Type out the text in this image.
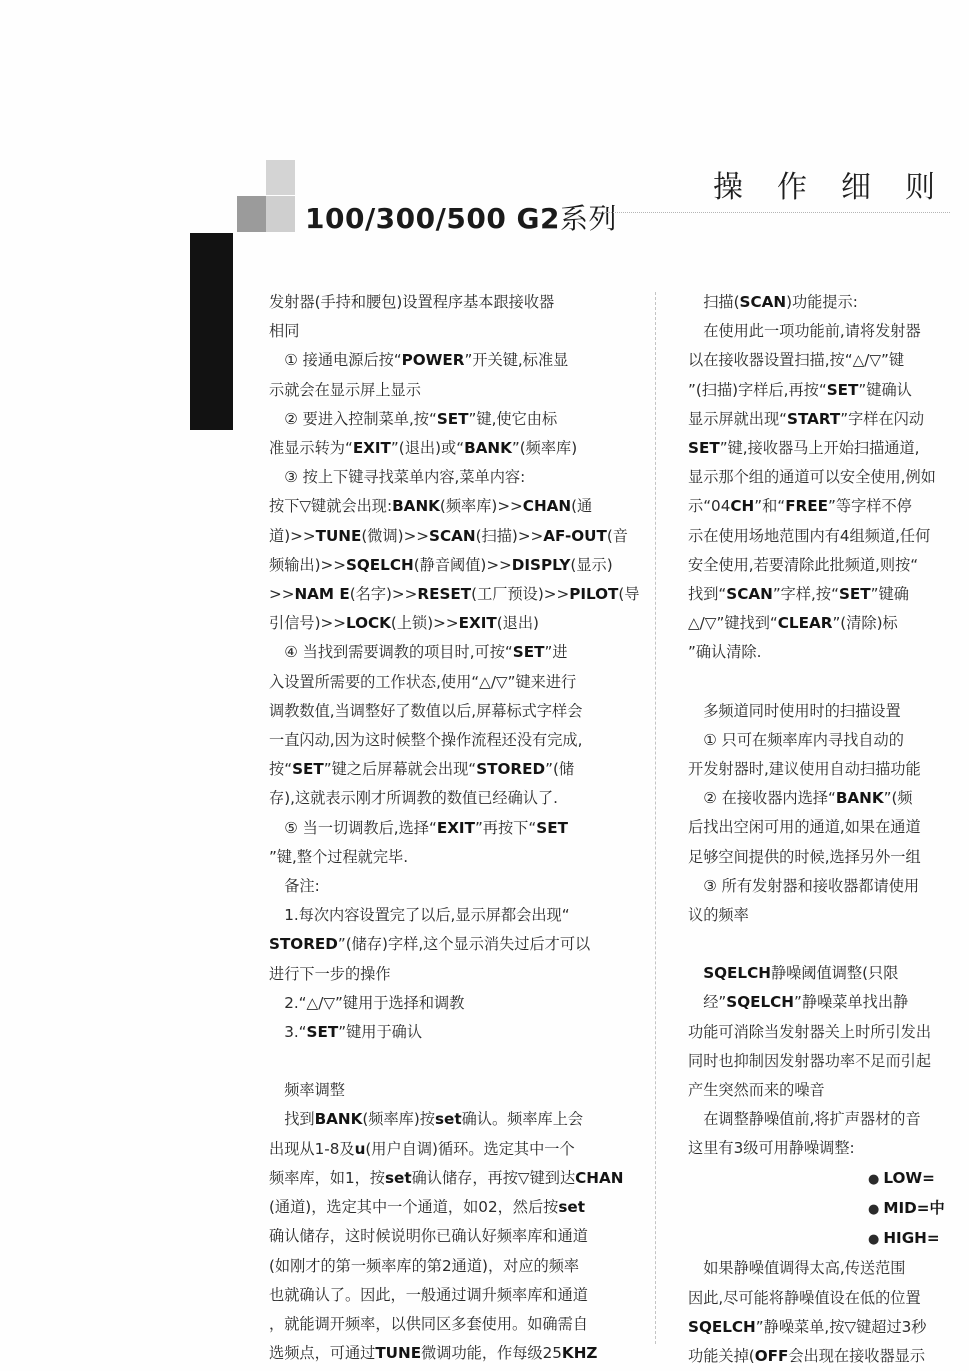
100/300/500 G2系列
操作细则

发射器(手持和腰包)设置程序基本跟接收器

相同

　① 接通电源后按“POWER”开关键,标准显

示就会在显示屏上显示

　② 要进入控制菜单,按“SET”键,使它由标

准显示转为“EXIT”(退出)或“BANK”(频率库)

　③ 按上下键寻找菜单内容,菜单内容:

按下▽键就会出现:BANK(频率库)>>CHAN(通

道)>>TUNE(微调)>>SCAN(扫描)>>AF-OUT(音

频输出)>>SQELCH(静音阈值)>>DISPLY(显示)

>>NAM E(名字)>>RESET(工厂预设)>>PILOT(导

引信号)>>LOCK(上锁)>>EXIT(退出)

　④ 当找到需要调教的项目时,可按“SET”进

入设置所需要的工作状态,使用“△/▽”键来进行

调教数值,当调整好了数值以后,屏幕标式字样会

一直闪动,因为这时候整个操作流程还没有完成,

按“SET”键之后屏幕就会出现“STORED”(储

存),这就表示刚才所调教的数值已经确认了.

　⑤ 当一切调教后,选择“EXIT”再按下“SET

”键,整个过程就完毕.

　备注:

　1.每次内容设置完了以后,显示屏都会出现“

STORED”(储存)字样,这个显示消失过后才可以

进行下一步的操作

　2.“△/▽”键用于选择和调教

　3.“SET”键用于确认

　频率调整

　找到BANK(频率库)按set确认。频率库上会

出现从1-8及u(用户自调)循环。选定其中一个

频率库，如1，按set确认储存，再按▽键到达CHAN

(通道)，选定其中一个通道，如02，然后按set

确认储存，这时候说明你已确认好频率库和通道

(如刚才的第一频率库的第2通道)，对应的频率

也就确认了。因此，一般通过调升频率库和通道

，就能调开频率，以供同区多套使用。如确需自

选频点，可通过TUNE微调功能，作每级25KHZ

　扫描(SCAN)功能提示:

　在使用此一项功能前,请将发射器

以在接收器设置扫描,按“△/▽”键

”(扫描)字样后,再按“SET”键确认

显示屏就出现“START”字样在闪动

SET”键,接收器马上开始扫描通道,

显示那个组的通道可以安全使用,例如

示“04CH”和“FREE”等字样不停

示在使用场地范围内有4组频道,任何

安全使用,若要清除此批频道,则按“

找到“SCAN”字样,按“SET”键确

△/▽”键找到“CLEAR”(清除)标

”确认清除.

　多频道同时使用时的扫描设置

　① 只可在频率库内寻找自动的

开发射器时,建议使用自动扫描功能

　② 在接收器内选择“BANK”(频

后找出空闲可用的通道,如果在通道

足够空间提供的时候,选择另外一组

　③ 所有发射器和接收器都请使用

议的频率

　SQELCH静噪阈值调整(只限

　经”SQELCH”静噪菜单找出静

功能可消除当发射器关上时所引发出

同时也抑制因发射器功率不足而引起

产生突然而来的噪音

　在调整静噪值前,将扩声器材的音

这里有3级可用静噪调整:

● LOW=

● MID=中

● HIGH=

　如果静噪值调得太高,传送范围

因此,尽可能将静噪值设在低的位置

SQELCH”静噪菜单,按▽键超过3秒

功能关掉(OFF会出现在接收器显示
